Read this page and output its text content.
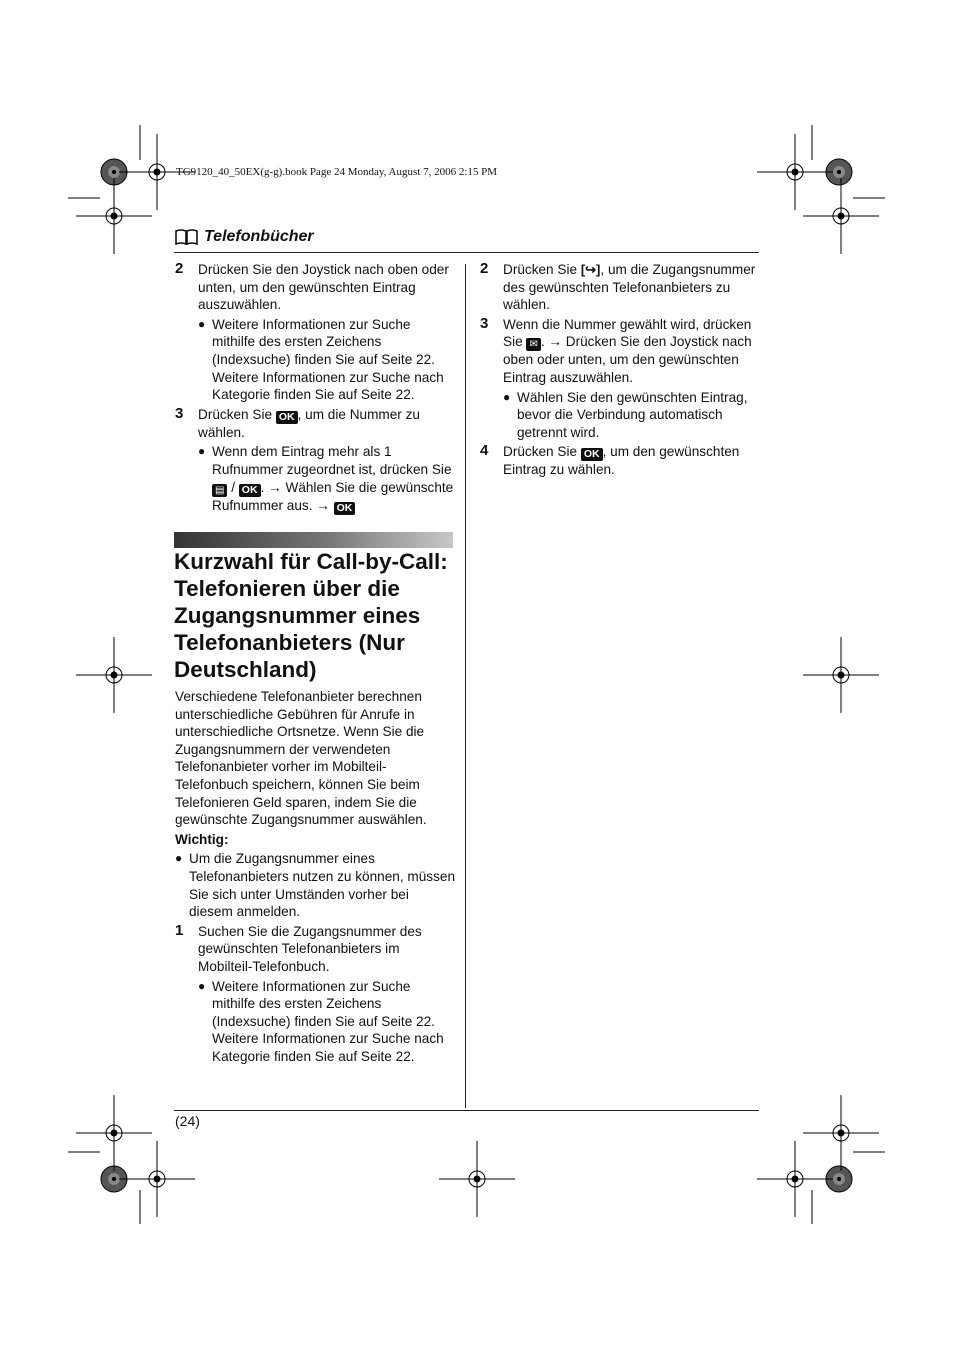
TG9120_40_50EX(g-g).book Page 24 Monday, August 7, 2006 2:15 PM
Telefonbücher
2 Drücken Sie den Joystick nach oben oder unten, um den gewünschten Eintrag auszuwählen.
● Weitere Informationen zur Suche mithilfe des ersten Zeichens (Indexsuche) finden Sie auf Seite 22. Weitere Informationen zur Suche nach Kategorie finden Sie auf Seite 22.
3 Drücken Sie OK , um die Nummer zu wählen.
● Wenn dem Eintrag mehr als 1 Rufnummer zugeordnet ist, drücken Sie ▤ / OK . → Wählen Sie die gewünschte Rufnummer aus. → OK
Kurzwahl für Call-by-Call: Telefonieren über die Zugangsnummer eines Telefonanbieters (Nur Deutschland)
Verschiedene Telefonanbieter berechnen unterschiedliche Gebühren für Anrufe in unterschiedliche Ortsnetze. Wenn Sie die Zugangsnummern der verwendeten Telefonanbieter vorher im Mobilteil-Telefonbuch speichern, können Sie beim Telefonieren Geld sparen, indem Sie die gewünschte Zugangsnummer auswählen.
Wichtig:
● Um die Zugangsnummer eines Telefonanbieters nutzen zu können, müssen Sie sich unter Umständen vorher bei diesem anmelden.
1 Suchen Sie die Zugangsnummer des gewünschten Telefonanbieters im Mobilteil-Telefonbuch.
● Weitere Informationen zur Suche mithilfe des ersten Zeichens (Indexsuche) finden Sie auf Seite 22. Weitere Informationen zur Suche nach Kategorie finden Sie auf Seite 22.
2 Drücken Sie [↪], um die Zugangsnummer des gewünschten Telefonanbieters zu wählen.
3 Wenn die Nummer gewählt wird, drücken Sie ✉ . → Drücken Sie den Joystick nach oben oder unten, um den gewünschten Eintrag auszuwählen.
● Wählen Sie den gewünschten Eintrag, bevor die Verbindung automatisch getrennt wird.
4 Drücken Sie OK , um den gewünschten Eintrag zu wählen.
(24)
